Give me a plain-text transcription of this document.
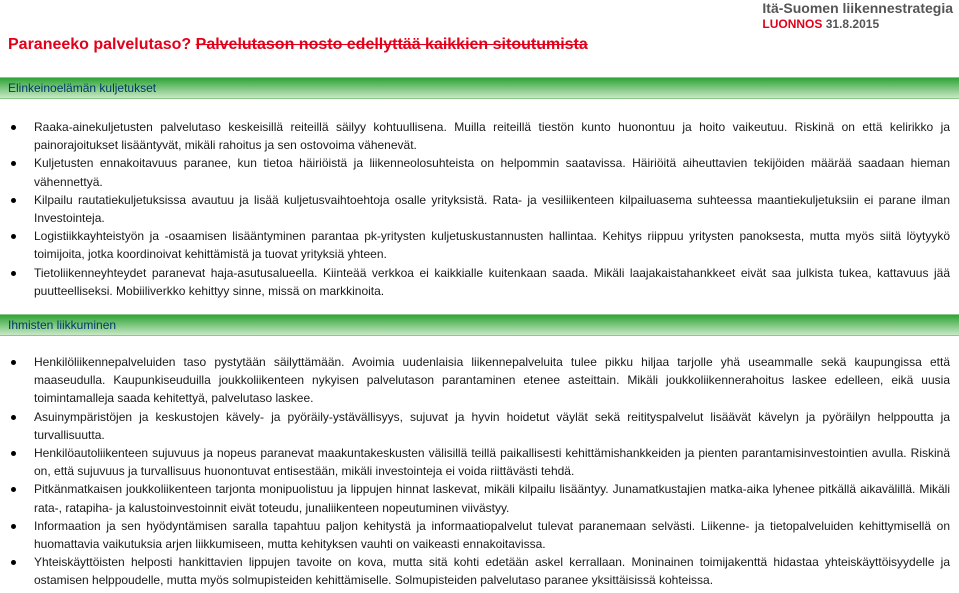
Itä-Suomen liikennestrategia
LUONNOS 31.8.2015
Paraneeko palvelutaso? Palvelutason nosto edellyttää kaikkien sitoutumista
Elinkeinoelämän kuljetukset
Raaka-ainekuljetusten palvelutaso keskeisillä reiteillä säilyy kohtuullisena. Muilla reiteillä tiestön kunto huonontuu ja hoito vaikeutuu. Riskinä on että kelirikko ja painorajoitukset lisääntyvät, mikäli rahoitus ja sen ostovoima vähenevät.
Kuljetusten ennakoitavuus paranee, kun tietoa häiriöistä ja liikenneolosuhteista on helpommin saatavissa. Häiriöitä aiheuttavien tekijöiden määrää saadaan hieman vähennettyä.
Kilpailu rautatiekuljetuksissa avautuu ja lisää kuljetusvaihtoehtoja osalle yrityksistä. Rata- ja vesiliikenteen kilpailuasema suhteessa maantiekuljetuksiin ei parane ilman Investointeja.
Logistiikkayhteistyön ja -osaamisen lisääntyminen parantaa pk-yritysten kuljetuskustannusten hallintaa. Kehitys riippuu yritysten panoksesta, mutta myös siitä löytyykö toimijoita, jotka koordinoivat kehittämistä ja tuovat yrityksiä yhteen.
Tietoliikenneyhteydet paranevat haja-asutusalueella. Kiinteää verkkoa ei kaikkialle kuitenkaan saada. Mikäli laajakaistahankkeet eivät saa julkista tukea, kattavuus jää puutteelliseksi. Mobiiliverkko kehittyy sinne, missä on markkinoita.
Ihmisten liikkuminen
Henkilöliikennepalveluiden taso pystytään säilyttämään. Avoimia uudenlaisia liikennepalveluita tulee pikku hiljaa tarjolle yhä useammalle sekä kaupungissa että maaseudulla. Kaupunkiseuduilla joukkoliikenteen nykyisen palvelutason parantaminen etenee asteittain. Mikäli joukkoliikennerahoitus laskee edelleen, eikä uusia toimintamalleja saada kehitettyä, palvelutaso laskee.
Asuinympäristöjen ja keskustojen kävely- ja pyöräily-ystävällisyys, sujuvat ja hyvin hoidetut väylät sekä reitityspalvelut lisäävät kävelyn ja pyöräilyn helppoutta ja turvallisuutta.
Henkilöautoliikenteen sujuvuus ja nopeus paranevat maakuntakeskusten välisillä teillä paikallisesti kehittämishankkeiden ja pienten parantamisinvestointien avulla. Riskinä on, että sujuvuus ja turvallisuus huonontuvat entisestään, mikäli investointeja ei voida riittävästi tehdä.
Pitkänmatkaisen joukkoliikenteen tarjonta monipuolistuu ja lippujen hinnat laskevat, mikäli kilpailu lisääntyy. Junamatkustajien matka-aika lyhenee pitkällä aikavälillä. Mikäli rata-, ratapiha- ja kalustoinvestoinnit eivät toteudu, junaliikenteen nopeutuminen viivästyy.
Informaation ja sen hyödyntämisen saralla tapahtuu paljon kehitystä ja informaatiopalvelut tulevat paranemaan selvästi. Liikenne- ja tietopalveluiden kehittymisellä on huomattavia vaikutuksia arjen liikkumiseen, mutta kehityksen vauhti on vaikeasti ennakoitavissa.
Yhteiskäyttöisten helposti hankittavien lippujen tavoite on kova, mutta sitä kohti edetään askel kerrallaan. Moninainen toimijakenttä hidastaa yhteiskäyttöisyydelle ja ostamisen helppoudelle, mutta myös solmupisteiden kehittämiselle. Solmupisteiden palvelutaso paranee yksittäisissä kohteissa.
